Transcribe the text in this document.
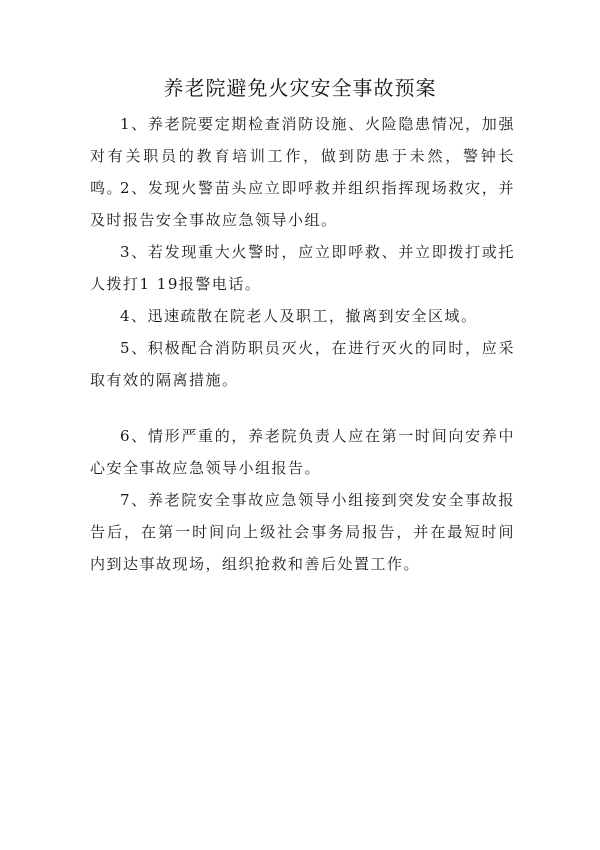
养老院避免火灾安全事故预案

1、养老院要定期检查消防设施、火险隐患情况，加强对有关职员的教育培训工作，做到防患于未然，警钟长鸣。

2、发现火警苗头应立即呼救并组织指挥现场救灾，并及时报告安全事故应急领导小组。

3、若发现重大火警时，应立即呼救、并立即拨打或托人拨打1 19报警电话。

4、迅速疏散在院老人及职工，撤离到安全区域。

5、积极配合消防职员灭火，在进行灭火的同时，应采取有效的隔离措施。

6、情形严重的，养老院负责人应在第一时间向安养中心安全事故应急领导小组报告。

7、养老院安全事故应急领导小组接到突发安全事故报告后，在第一时间向上级社会事务局报告，并在最短时间内到达事故现场，组织抢救和善后处置工作。
